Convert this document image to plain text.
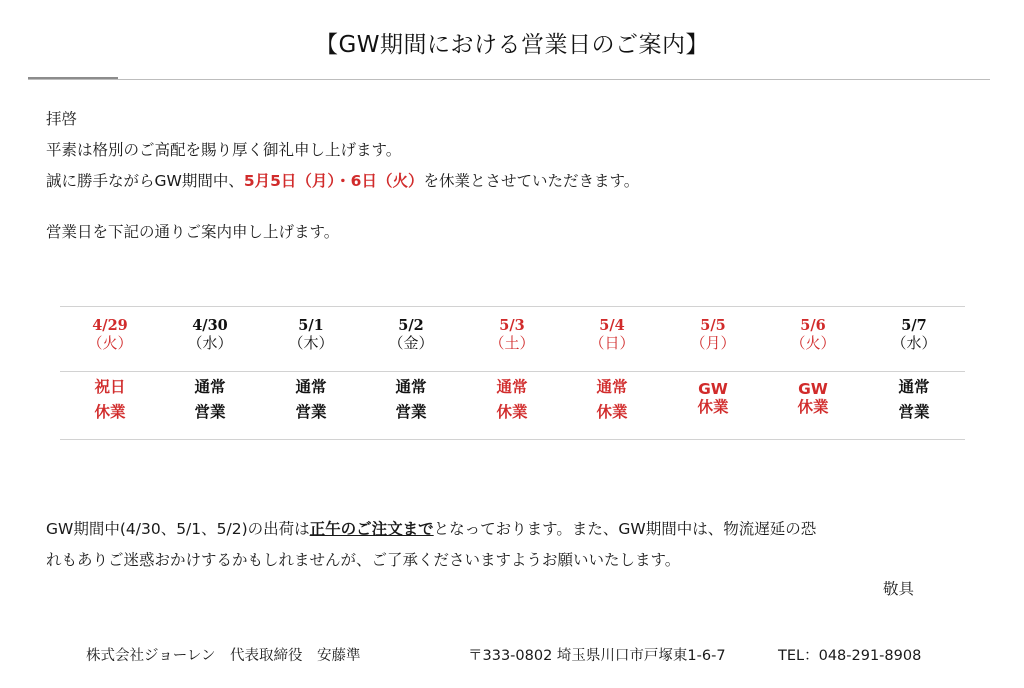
【GW期間における営業日のご案内】

拝啓

平素は格別のご高配を賜り厚く御礼申し上げます。

誠に勝手ながらGW期間中、5月5日（月）・6日（火）を休業とさせていただきます。

営業日を下記の通りご案内申し上げます。

4/29
（火）
祝日
休業
4/30
（水）
通常
営業
5/1
（木）
通常
営業
5/2
（金）
通常
営業
5/3
（土）
通常
休業
5/4
（日）
通常
休業
5/5
（月）
GW
休業
5/6
（火）
GW
休業
5/7
（水）
通常
営業

GW期間中(4/30、5/1、5/2)の出荷は正午のご注文までとなっております。また、GW期間中は、物流遅延の恐

れもありご迷惑おかけするかもしれませんが、ご了承くださいますようお願いいたします。

敬具
株式会社ジョーレン　代表取締役　安藤準	〒333-0802 埼玉県川口市戸塚東1-6-7	TEL：048-291-8908
